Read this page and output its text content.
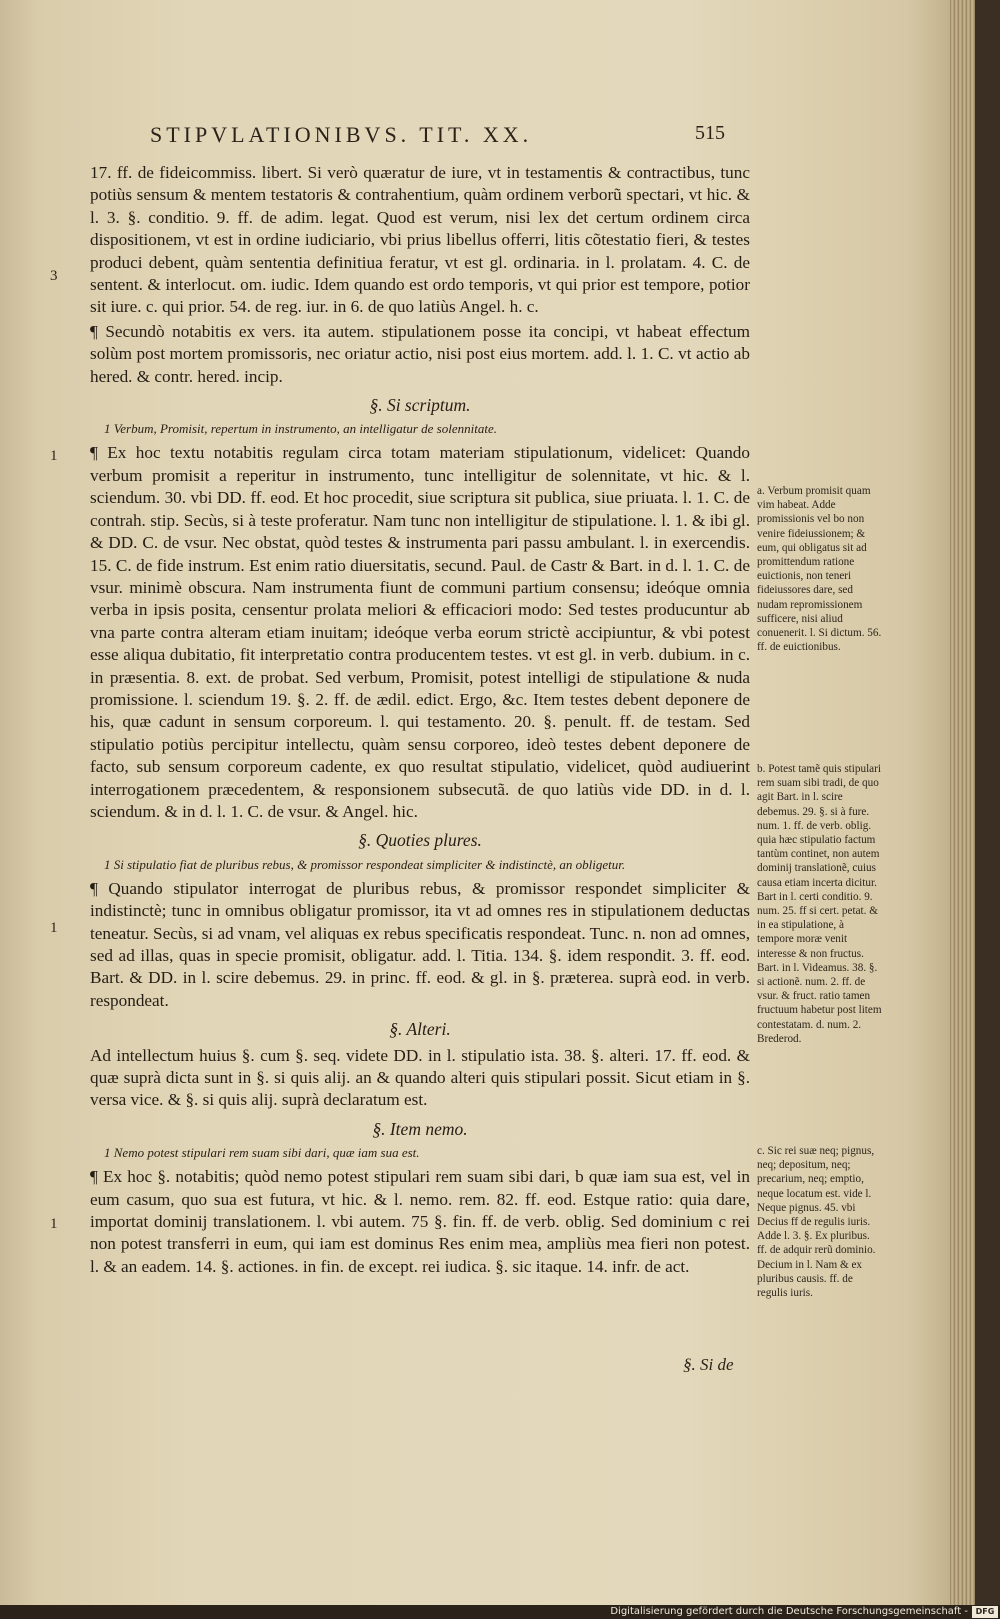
STIPVLATIONIBVS. TIT. XX.	515
3
1
1
1

17. ff. de fideicommiss. libert. Si verò quæratur de iure, vt in testamentis & contractibus, tunc potiùs sensum & mentem testatoris & contrahentium, quàm ordinem verborũ spectari, vt hic. & l. 3. §. conditio. 9. ff. de adim. legat. Quod est verum, nisi lex det certum ordinem circa dispositionem, vt est in ordine iudiciario, vbi prius libellus offerri, litis cõtestatio fieri, & testes produci debent, quàm sententia definitiua feratur, vt est gl. ordinaria. in l. prolatam. 4. C. de sentent. & interlocut. om. iudic. Idem quando est ordo temporis, vt qui prior est tempore, potior sit iure. c. qui prior. 54. de reg. iur. in 6. de quo latiùs Angel. h. c.

¶ Secundò notabitis ex vers. ita autem. stipulationem posse ita concipi, vt habeat effectum solùm post mortem promissoris, nec oriatur actio, nisi post eius mortem. add. l. 1. C. vt actio ab hered. & contr. hered. incip.

§. Si scriptum.
1 Verbum, Promisit, repertum in instrumento, an intelligatur de solennitate.

¶ Ex hoc textu notabitis regulam circa totam materiam stipulationum, videlicet: Quando verbum promisit a reperitur in instrumento, tunc intelligitur de solennitate, vt hic. & l. sciendum. 30. vbi DD. ff. eod. Et hoc procedit, siue scriptura sit publica, siue priuata. l. 1. C. de contrah. stip. Secùs, si à teste proferatur. Nam tunc non intelligitur de stipulatione. l. 1. & ibi gl. & DD. C. de vsur. Nec obstat, quòd testes & instrumenta pari passu ambulant. l. in exercendis. 15. C. de fide instrum. Est enim ratio diuersitatis, secund. Paul. de Castr & Bart. in d. l. 1. C. de vsur. minimè obscura. Nam instrumenta fiunt de communi partium consensu; ideóque omnia verba in ipsis posita, censentur prolata meliori & efficaciori modo: Sed testes producuntur ab vna parte contra alteram etiam inuitam; ideóque verba eorum strictè accipiuntur, & vbi potest esse aliqua dubitatio, fit interpretatio contra producentem testes. vt est gl. in verb. dubium. in c. in præsentia. 8. ext. de probat. Sed verbum, Promisit, potest intelligi de stipulatione & nuda promissione. l. sciendum 19. §. 2. ff. de ædil. edict. Ergo, &c. Item testes debent deponere de his, quæ cadunt in sensum corporeum. l. qui testamento. 20. §. penult. ff. de testam. Sed stipulatio potiùs percipitur intellectu, quàm sensu corporeo, ideò testes debent deponere de facto, sub sensum corporeum cadente, ex quo resultat stipulatio, videlicet, quòd audiuerint interrogationem præcedentem, & responsionem subsecutã. de quo latiùs vide DD. in d. l. sciendum. & in d. l. 1. C. de vsur. & Angel. hic.

§. Quoties plures.
1 Si stipulatio fiat de pluribus rebus, & promissor respondeat simpliciter & indistinctè, an obligetur.

¶ Quando stipulator interrogat de pluribus rebus, & promissor respondet simpliciter & indistinctè; tunc in omnibus obligatur promissor, ita vt ad omnes res in stipulationem deductas teneatur. Secùs, si ad vnam, vel aliquas ex rebus specificatis respondeat. Tunc. n. non ad omnes, sed ad illas, quas in specie promisit, obligatur. add. l. Titia. 134. §. idem respondit. 3. ff. eod. Bart. & DD. in l. scire debemus. 29. in princ. ff. eod. & gl. in §. præterea. suprà eod. in verb. respondeat.

§. Alteri.

Ad intellectum huius §. cum §. seq. videte DD. in l. stipulatio ista. 38. §. alteri. 17. ff. eod. & quæ suprà dicta sunt in §. si quis alij. an & quando alteri quis stipulari possit. Sicut etiam in §. versa vice. & §. si quis alij. suprà declaratum est.

§. Item nemo.
1 Nemo potest stipulari rem suam sibi dari, quæ iam sua est.

¶ Ex hoc §. notabitis; quòd nemo potest stipulari rem suam sibi dari, b quæ iam sua est, vel in eum casum, quo sua est futura, vt hic. & l. nemo. rem. 82. ff. eod. Estque ratio: quia dare, importat dominij translationem. l. vbi autem. 75 §. fin. ff. de verb. oblig. Sed dominium c rei non potest transferri in eum, qui iam est dominus Res enim mea, ampliùs mea fieri non potest. l. & an eadem. 14. §. actiones. in fin. de except. rei iudica. §. sic itaque. 14. infr. de act.

a. Verbum promisit quam vim habeat. Adde promissionis vel bo non venire fideiussionem; & eum, qui obligatus sit ad promittendum ratione euictionis, non teneri fideiussores dare, sed nudam repromissionem sufficere, nisi aliud conuenerit. l. Si dictum. 56. ff. de euictionibus.
b. Potest tamẽ quis stipulari rem suam sibi tradi, de quo agit Bart. in l. scire debemus. 29. §. si à fure. num. 1. ff. de verb. oblig. quia hæc stipulatio factum tantùm continet, non autem dominij translationẽ, cuius causa etiam incerta dicitur. Bart in l. certi conditio. 9. num. 25. ff si cert. petat. & in ea stipulatione, à tempore moræ venit interesse & non fructus. Bart. in l. Videamus. 38. §. si actionẽ. num. 2. ff. de vsur. & fruct. ratio tamen fructuum habetur post litem contestatam. d. num. 2. Brederod.
c. Sic rei suæ neq; pignus, neq; depositum, neq; precarium, neq; emptio, neque locatum est. vide l. Neque pignus. 45. vbi Decius ff de regulis iuris. Adde l. 3. §. Ex pluribus. ff. de adquir rerũ dominio. Decium in l. Nam & ex pluribus causis. ff. de regulis iuris.
§. Si de
Digitalisierung gefördert durch die Deutsche Forschungsgemeinschaft - DFG
